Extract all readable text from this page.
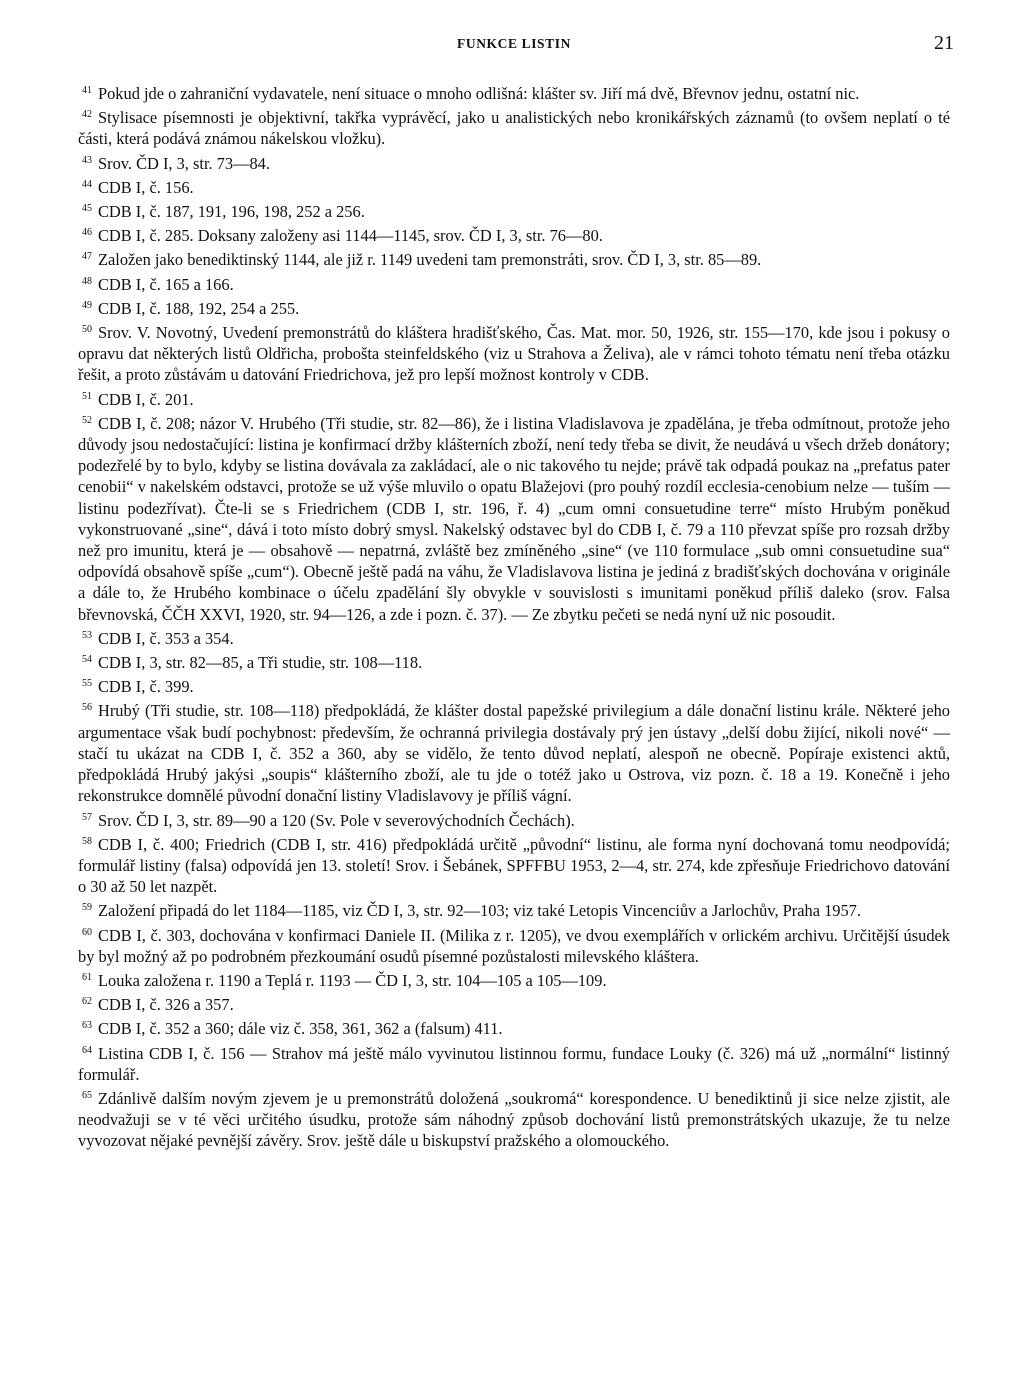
FUNKCE LISTIN	21

$^{41}$ Pokud jde o zahraniční vydavatele, není situace o mnoho odlišná: klášter sv. Jiří má dvě, Břevnov jednu, ostatní nic.

$^{42}$ Stylisace písemnosti je objektivní, takřka vyprávěcí, jako u analistických nebo kronikářských záznamů (to ovšem neplatí o té části, která podává známou nákelskou vložku).

$^{43}$ Srov. ČD I, 3, str. 73—84.

$^{44}$ CDB I, č. 156.

$^{45}$ CDB I, č. 187, 191, 196, 198, 252 a 256.

$^{46}$ CDB I, č. 285. Doksany založeny asi 1144—1145, srov. ČD I, 3, str. 76—80.

$^{47}$ Založen jako benediktinský 1144, ale již r. 1149 uvedeni tam premonstráti, srov. ČD I, 3, str. 85—89.

$^{48}$ CDB I, č. 165 a 166.

$^{49}$ CDB I, č. 188, 192, 254 a 255.

$^{50}$ Srov. V. Novotný, Uvedení premonstrátů do kláštera hradišťského, Čas. Mat. mor. 50, 1926, str. 155—170, kde jsou i pokusy o opravu dat některých listů Oldřicha, probošta steinfeldského (viz u Strahova a Želiva), ale v rámci tohoto tématu není třeba otázku řešit, a proto zůstávám u datování Friedrichova, jež pro lepší možnost kontroly v CDB.

$^{51}$ CDB I, č. 201.

$^{52}$ CDB I, č. 208; názor V. Hrubého (Tři studie, str. 82—86), že i listina Vladislavova je zpadělána, je třeba odmítnout, protože jeho důvody jsou nedostačující: listina je konfirmací držby klášterních zboží, není tedy třeba se divit, že neudává u všech držeb donátory; podezřelé by to bylo, kdyby se listina dovávala za zakládací, ale o nic takového tu nejde; právě tak odpadá poukaz na „prefatus pater cenobii“ v nakelském odstavci, protože se už výše mluvilo o opatu Blažejovi (pro pouhý rozdíl ecclesia-cenobium nelze — tuším — listinu podezřívat). Čte-li se s Friedrichem (CDB I, str. 196, ř. 4) „cum omni consuetudine terre“ místo Hrubým poněkud vykonstruované „sine“, dává i toto místo dobrý smysl. Nakelský odstavec byl do CDB I, č. 79 a 110 převzat spíše pro rozsah držby než pro imunitu, která je — obsahově — nepatrná, zvláště bez zmíněného „sine“ (ve 110 formulace „sub omni consuetudine sua“ odpovídá obsahově spíše „cum“). Obecně ještě padá na váhu, že Vladislavova listina je jediná z bradišťských dochována v originále a dále to, že Hrubého kombinace o účelu zpadělání šly obvykle v souvislosti s imunitami poněkud příliš daleko (srov. Falsa břevnovská, ČČH XXVI, 1920, str. 94—126, a zde i pozn. č. 37). — Ze zbytku pečeti se nedá nyní už nic posoudit.

$^{53}$ CDB I, č. 353 a 354.

$^{54}$ CDB I, 3, str. 82—85, a Tři studie, str. 108—118.

$^{55}$ CDB I, č. 399.

$^{56}$ Hrubý (Tři studie, str. 108—118) předpokládá, že klášter dostal papežské privilegium a dále donační listinu krále. Některé jeho argumentace však budí pochybnost: především, že ochranná privilegia dostávaly prý jen ústavy „delší dobu žijící, nikoli nové“ — stačí tu ukázat na CDB I, č. 352 a 360, aby se vidělo, že tento důvod neplatí, alespoň ne obecně. Popíraje existenci aktů, předpokládá Hrubý jakýsi „soupis“ klášterního zboží, ale tu jde o totéž jako u Ostrova, viz pozn. č. 18 a 19. Konečně i jeho rekonstrukce domnělé původní donační listiny Vladislavovy je příliš vágní.

$^{57}$ Srov. ČD I, 3, str. 89—90 a 120 (Sv. Pole v severovýchodních Čechách).

$^{58}$ CDB I, č. 400; Friedrich (CDB I, str. 416) předpokládá určitě „původní“ listinu, ale forma nyní dochovaná tomu neodpovídá; formulář listiny (falsa) odpovídá jen 13. století! Srov. i Šebánek, SPFFBU 1953, 2—4, str. 274, kde zpřesňuje Friedrichovo datování o 30 až 50 let nazpět.

$^{59}$ Založení připadá do let 1184—1185, viz ČD I, 3, str. 92—103; viz také Letopis Vincenciův a Jarlochův, Praha 1957.

$^{60}$ CDB I, č. 303, dochována v konfirmaci Daniele II. (Milika z r. 1205), ve dvou exemplářích v orlickém archivu. Určitější úsudek by byl možný až po podrobném přezkoumání osudů písemné pozůstalosti milevského kláštera.

$^{61}$ Louka založena r. 1190 a Teplá r. 1193 — ČD I, 3, str. 104—105 a 105—109.

$^{62}$ CDB I, č. 326 a 357.

$^{63}$ CDB I, č. 352 a 360; dále viz č. 358, 361, 362 a (falsum) 411.

$^{64}$ Listina CDB I, č. 156 — Strahov má ještě málo vyvinutou listinnou formu, fundace Louky (č. 326) má už „normální“ listinný formulář.

$^{65}$ Zdánlivě dalším novým zjevem je u premonstrátů doložená „soukromá“ korespondence. U benediktinů ji sice nelze zjistit, ale neodvažuji se v té věci určitého úsudku, protože sám náhodný způsob dochování listů premonstrátských ukazuje, že tu nelze vyvozovat nějaké pevnější závěry. Srov. ještě dále u biskupství pražského a olomouckého.
